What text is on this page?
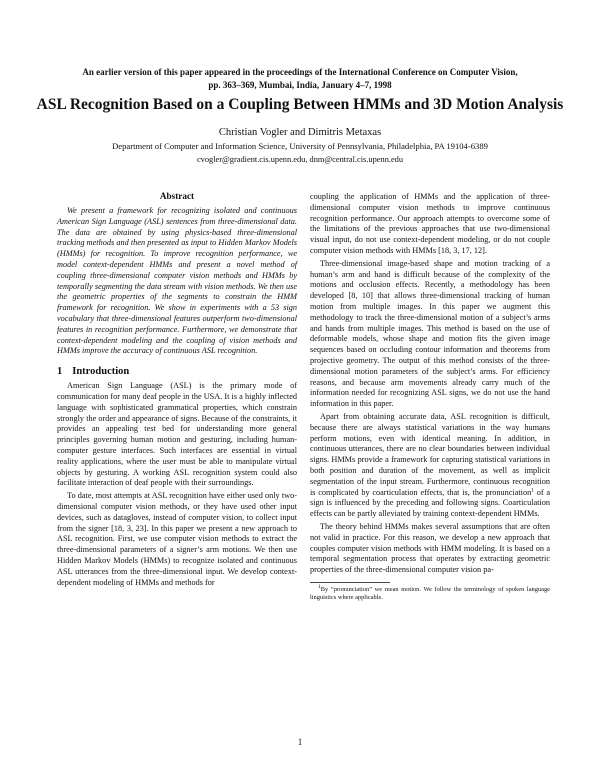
An earlier version of this paper appeared in the proceedings of the International Conference on Computer Vision,
pp. 363–369, Mumbai, India, January 4–7, 1998
ASL Recognition Based on a Coupling Between HMMs and 3D Motion Analysis
Christian Vogler and Dimitris Metaxas
Department of Computer and Information Science, University of Pennsylvania, Philadelphia, PA 19104-6389
cvogler@gradient.cis.upenn.edu, dnm@central.cis.upenn.edu
Abstract
We present a framework for recognizing isolated and continuous American Sign Language (ASL) sentences from three-dimensional data. The data are obtained by using physics-based three-dimensional tracking methods and then presented as input to Hidden Markov Models (HMMs) for recognition. To improve recognition performance, we model context-dependent HMMs and present a novel method of coupling three-dimensional computer vision methods and HMMs by temporally segmenting the data stream with vision methods. We then use the geometric properties of the segments to constrain the HMM framework for recognition. We show in experiments with a 53 sign vocabulary that three-dimensional features outperform two-dimensional features in recognition performance. Furthermore, we demonstrate that context-dependent modeling and the coupling of vision methods and HMMs improve the accuracy of continuous ASL recognition.
1 Introduction

American Sign Language (ASL) is the primary mode of communication for many deaf people in the USA. It is a highly inflected language with sophisticated grammatical properties, which constrain strongly the order and appearance of signs. Because of the constraints, it provides an appealing test bed for understanding more general principles governing human motion and gesturing, including human-computer gesture interfaces. Such interfaces are essential in virtual reality applications, where the user must be able to manipulate virtual objects by gesturing. A working ASL recognition system could also facilitate interaction of deaf people with their surroundings.

To date, most attempts at ASL recognition have either used only two-dimensional computer vision methods, or they have used other input devices, such as datagloves, instead of computer vision, to collect input from the signer [18, 3, 23]. In this paper we present a new approach to ASL recognition. First, we use computer vision methods to extract the three-dimensional parameters of a signer’s arm motions. We then use Hidden Markov Models (HMMs) to recognize isolated and continuous ASL utterances from the three-dimensional input. We develop context-dependent modeling of HMMs and methods for

coupling the application of HMMs and the application of three-dimensional computer vision methods to improve continuous recognition performance. Our approach attempts to overcome some of the limitations of the previous approaches that use two-dimensional visual input, do not use context-dependent modeling, or do not couple computer vision methods with HMMs [18, 3, 17, 12].

Three-dimensional image-based shape and motion tracking of a human’s arm and hand is difficult because of the complexity of the motions and occlusion effects. Recently, a methodology has been developed [8, 10] that allows three-dimensional tracking of human motion from multiple images. In this paper we augment this methodology to track the three-dimensional motion of a subject’s arms and hands from multiple images. This method is based on the use of deformable models, whose shape and motion fits the given image sequences based on occluding contour information and theorems from projective geometry. The output of this method consists of the three-dimensional motion parameters of the subject’s arms. For efficiency reasons, and because arm movements already carry much of the information needed for recognizing ASL signs, we do not use the hand information in this paper.

Apart from obtaining accurate data, ASL recognition is difficult, because there are always statistical variations in the way humans perform motions, even with identical meaning. In addition, in continuous utterances, there are no clear boundaries between individual signs. HMMs provide a framework for capturing statistical variations in both position and duration of the movement, as well as implicit segmentation of the input stream. Furthermore, continuous recognition is complicated by coarticulation effects, that is, the pronunciation$^1$ of a sign is influenced by the preceding and following signs. Coarticulation effects can be partly alleviated by training context-dependent HMMs.

The theory behind HMMs makes several assumptions that are often not valid in practice. For this reason, we develop a new approach that couples computer vision methods with HMM modeling. It is based on a temporal segmentation process that operates by extracting geometric properties of the three-dimensional computer vision pa-

$^1$By “pronunciation” we mean motion. We follow the terminology of spoken language linguistics where applicable.
1
